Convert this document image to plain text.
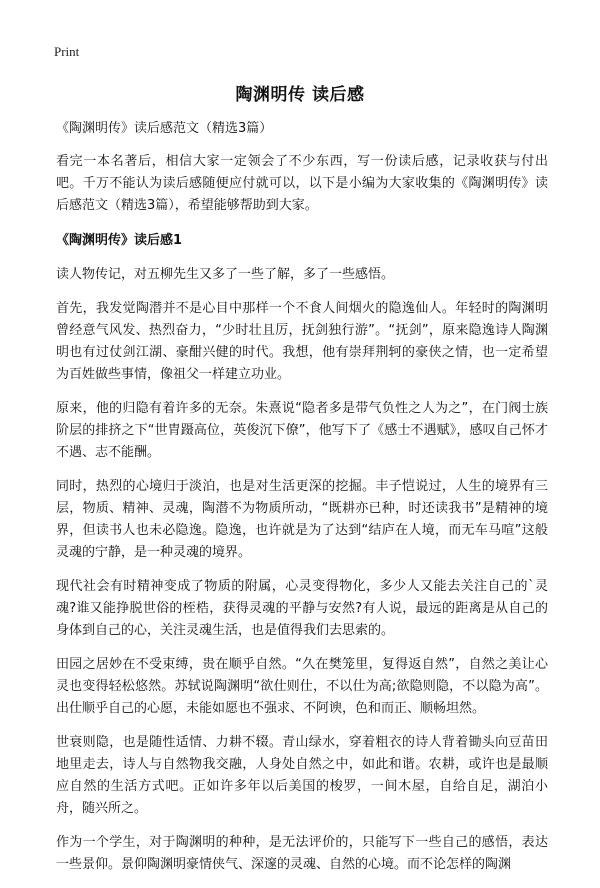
Print
陶渊明传 读后感

《陶渊明传》读后感范文（精选3篇）

看完一本名著后，相信大家一定领会了不少东西，写一份读后感，记录收获与付出吧。千万不能认为读后感随便应付就可以，以下是小编为大家收集的《陶渊明传》读后感范文（精选3篇），希望能够帮助到大家。

《陶渊明传》读后感1

读人物传记，对五柳先生又多了一些了解，多了一些感悟。

首先，我发觉陶潜并不是心目中那样一个不食人间烟火的隐逸仙人。年轻时的陶渊明曾经意气风发、热烈奋力，“少时壮且厉，抚剑独行游”。“抚剑”，原来隐逸诗人陶渊明也有过仗剑江湖、豪酣兴健的时代。我想，他有崇拜荆轲的豪侠之情，也一定希望为百姓做些事情，像祖父一样建立功业。

原来，他的归隐有着许多的无奈。朱熹说“隐者多是带气负性之人为之”，在门阀士族阶层的排挤之下“世胄蹑高位，英俊沉下僚”，他写下了《感士不遇赋》，感叹自己怀才不遇、志不能酬。

同时，热烈的心境归于淡泊，也是对生活更深的挖掘。丰子恺说过，人生的境界有三层，物质、精神、灵魂，陶潜不为物质所动，“既耕亦已种，时还读我书”是精神的境界，但读书人也未必隐逸。隐逸，也许就是为了达到“结庐在人境，而无车马喧”这般灵魂的宁静，是一种灵魂的境界。

现代社会有时精神变成了物质的附属，心灵变得物化，多少人又能去关注自己的`灵魂?谁又能挣脱世俗的桎梏，获得灵魂的平静与安然?有人说，最远的距离是从自己的身体到自己的心，关注灵魂生活，也是值得我们去思索的。

田园之居妙在不受束缚，贵在顺乎自然。“久在樊笼里，复得返自然”，自然之美让心灵也变得轻松悠然。苏轼说陶渊明“欲仕则仕，不以仕为高;欲隐则隐，不以隐为高”。出仕顺乎自己的心愿，未能如愿也不强求、不阿谀，色和而正、顺畅坦然。

世衰则隐，也是随性适情、力耕不辍。青山绿水，穿着粗衣的诗人背着锄头向豆苗田地里走去，诗人与自然物我交融，人身处自然之中，如此和谐。农耕，或许也是最顺应自然的生活方式吧。正如许多年以后美国的梭罗，一间木屋，自给自足，湖泊小舟，随兴所之。

作为一个学生，对于陶渊明的种种，是无法评价的，只能写下一些自己的感悟，表达一些景仰。景仰陶渊明豪情侠气、深邃的灵魂、自然的心境。而不论怎样的陶渊
